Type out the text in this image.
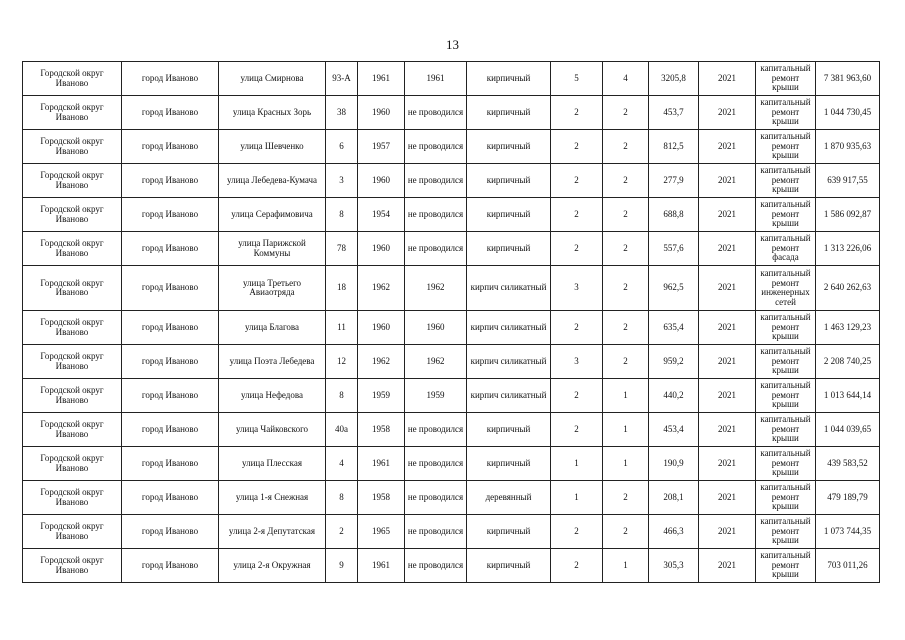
13
Городской округ Иваново	город Иваново	улица Смирнова	93-А	1961	1961	кирпичный	5	4	3205,8	2021	капитальный ремонт крыши	7 381 963,60
Городской округ Иваново	город Иваново	улица Красных Зорь	38	1960	не проводился	кирпичный	2	2	453,7	2021	капитальный ремонт крыши	1 044 730,45
Городской округ Иваново	город Иваново	улица Шевченко	6	1957	не проводился	кирпичный	2	2	812,5	2021	капитальный ремонт крыши	1 870 935,63
Городской округ Иваново	город Иваново	улица Лебедева-Кумача	3	1960	не проводился	кирпичный	2	2	277,9	2021	капитальный ремонт крыши	639 917,55
Городской округ Иваново	город Иваново	улица Серафимовича	8	1954	не проводился	кирпичный	2	2	688,8	2021	капитальный ремонт крыши	1 586 092,87
Городской округ Иваново	город Иваново	улица Парижской Коммуны	78	1960	не проводился	кирпичный	2	2	557,6	2021	капитальный ремонт фасада	1 313 226,06
Городской округ Иваново	город Иваново	улица Третьего Авиаотряда	18	1962	1962	кирпич силикатный	3	2	962,5	2021	капитальный ремонт инженерных сетей	2 640 262,63
Городской округ Иваново	город Иваново	улица Благова	11	1960	1960	кирпич силикатный	2	2	635,4	2021	капитальный ремонт крыши	1 463 129,23
Городской округ Иваново	город Иваново	улица Поэта Лебедева	12	1962	1962	кирпич силикатный	3	2	959,2	2021	капитальный ремонт крыши	2 208 740,25
Городской округ Иваново	город Иваново	улица Нефедова	8	1959	1959	кирпич силикатный	2	1	440,2	2021	капитальный ремонт крыши	1 013 644,14
Городской округ Иваново	город Иваново	улица Чайковского	40а	1958	не проводился	кирпичный	2	1	453,4	2021	капитальный ремонт крыши	1 044 039,65
Городской округ Иваново	город Иваново	улица Плесская	4	1961	не проводился	кирпичный	1	1	190,9	2021	капитальный ремонт крыши	439 583,52
Городской округ Иваново	город Иваново	улица 1-я Снежная	8	1958	не проводился	деревянный	1	2	208,1	2021	капитальный ремонт крыши	479 189,79
Городской округ Иваново	город Иваново	улица 2-я Депутатская	2	1965	не проводился	кирпичный	2	2	466,3	2021	капитальный ремонт крыши	1 073 744,35
Городской округ Иваново	город Иваново	улица 2-я Окружная	9	1961	не проводился	кирпичный	2	1	305,3	2021	капитальный ремонт крыши	703 011,26
